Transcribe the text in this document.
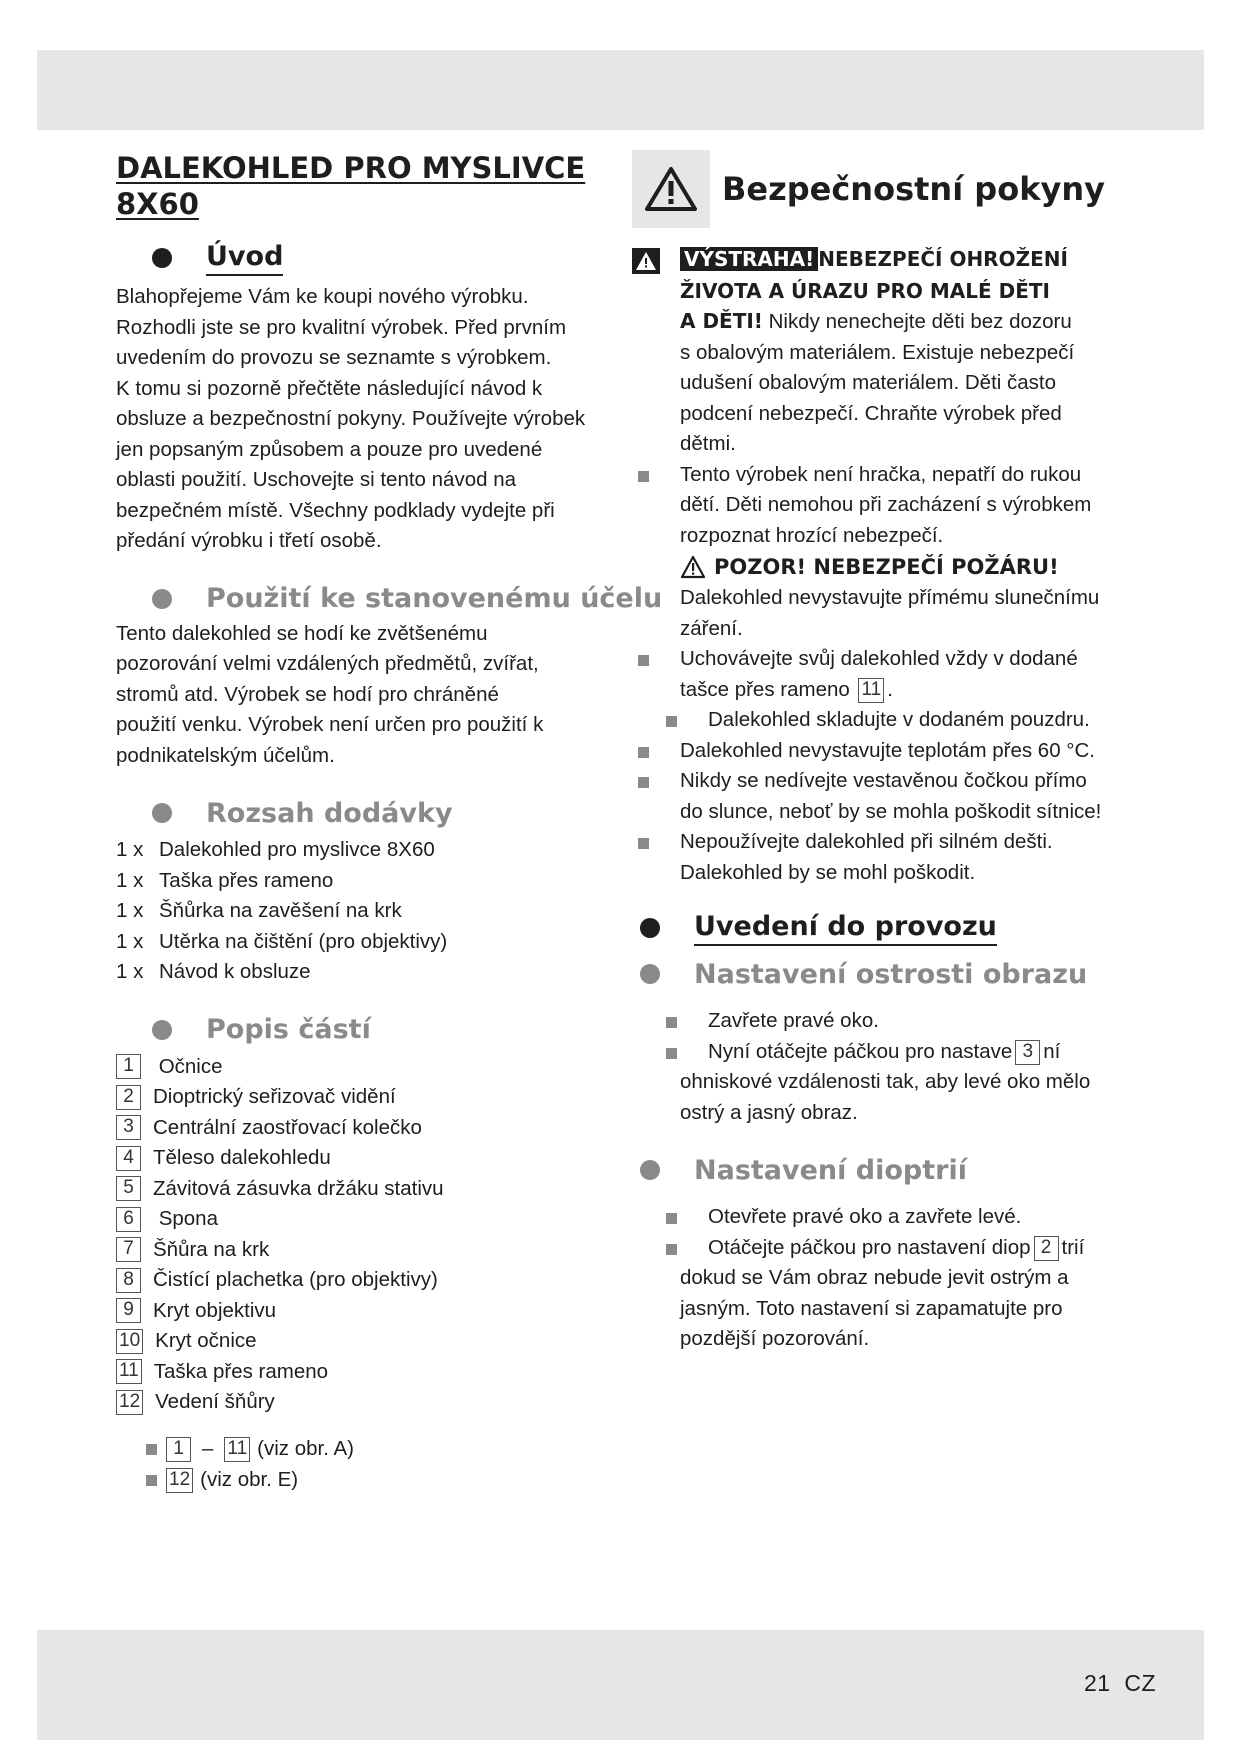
DALEKOHLED PRO MYSLIVCE
8X60
Úvod
Blahopřejeme Vám ke koupi nového výrobku.
Rozhodli jste se pro kvalitní výrobek. Před prvním
uvedením do provozu se seznamte s výrobkem.
K tomu si pozorně přečtěte následující návod k
obsluze a bezpečnostní pokyny. Používejte výrobek
jen popsaným způsobem a pouze pro uvedené
oblasti použití. Uschovejte si tento návod na
bezpečném místě. Všechny podklady vydejte při
předání výrobku i třetí osobě.
Použití ke stanovenému účelu
Tento dalekohled se hodí ke zvětšenému
pozorování velmi vzdálených předmětů, zvířat,
stromů atd. Výrobek se hodí pro chráněné
použití venku. Výrobek není určen pro použití k
podnikatelským účelům.
Rozsah dodávky
1 x Dalekohled pro myslivce 8X60
1 x Taška přes rameno
1 x Šňůrka na zavěšení na krk
1 x Utěrka na čištění (pro objektivy)
1 x Návod k obsluze
Popis částí
1 Očnice
2 Dioptrický seřizovač vidění
3 Centrální zaostřovací kolečko
4 Těleso dalekohledu
5 Závitová zásuvka držáku stativu
6 Spona
7 Šňůra na krk
8 Čistící plachetka (pro objektivy)
9 Kryt objektivu
10 Kryt očnice
11 Taška přes rameno
12 Vedení šňůry
1 – 11 (viz obr. A)
12 (viz obr. E)
Bezpečnostní pokyny
VÝSTRAHA! NEBEZPEČÍ OHROŽENÍ
ŽIVOTA A ÚRAZU PRO MALÉ DĚTI
A DĚTI! Nikdy nenechejte děti bez dozoru
s obalovým materiálem. Existuje nebezpečí
udušení obalovým materiálem. Děti často
podcení nebezpečí. Chraňte výrobek před
dětmi.
Tento výrobek není hračka, nepatří do rukou
dětí. Děti nemohou při zacházení s výrobkem
rozpoznat hrozící nebezpečí.
POZOR! NEBEZPEČÍ POŽÁRU!
Dalekohled nevystavujte přímému slunečnímu
záření.
Uchovávejte svůj dalekohled vždy v dodané
tašce přes rameno 11 .
Dalekohled skladujte v dodaném pouzdru.
Dalekohled nevystavujte teplotám přes 60 °C.
Nikdy se nedívejte vestavěnou čočkou přímo
do slunce, neboť by se mohla poškodit sítnice!
Nepoužívejte dalekohled při silném dešti.
Dalekohled by se mohl poškodit.
Uvedení do provozu
Nastavení ostrosti obrazu
Zavřete pravé oko.
Nyní otáčejte páčkou pro nastave 3 ní
ohniskové vzdálenosti tak, aby levé oko mělo
ostrý a jasný obraz.
Nastavení dioptrií
Otevřete pravé oko a zavřete levé.
Otáčejte páčkou pro nastavení diop 2 trií
dokud se Vám obraz nebude jevit ostrým a
jasným. Toto nastavení si zapamatujte pro
pozdější pozorování.
21  CZ
